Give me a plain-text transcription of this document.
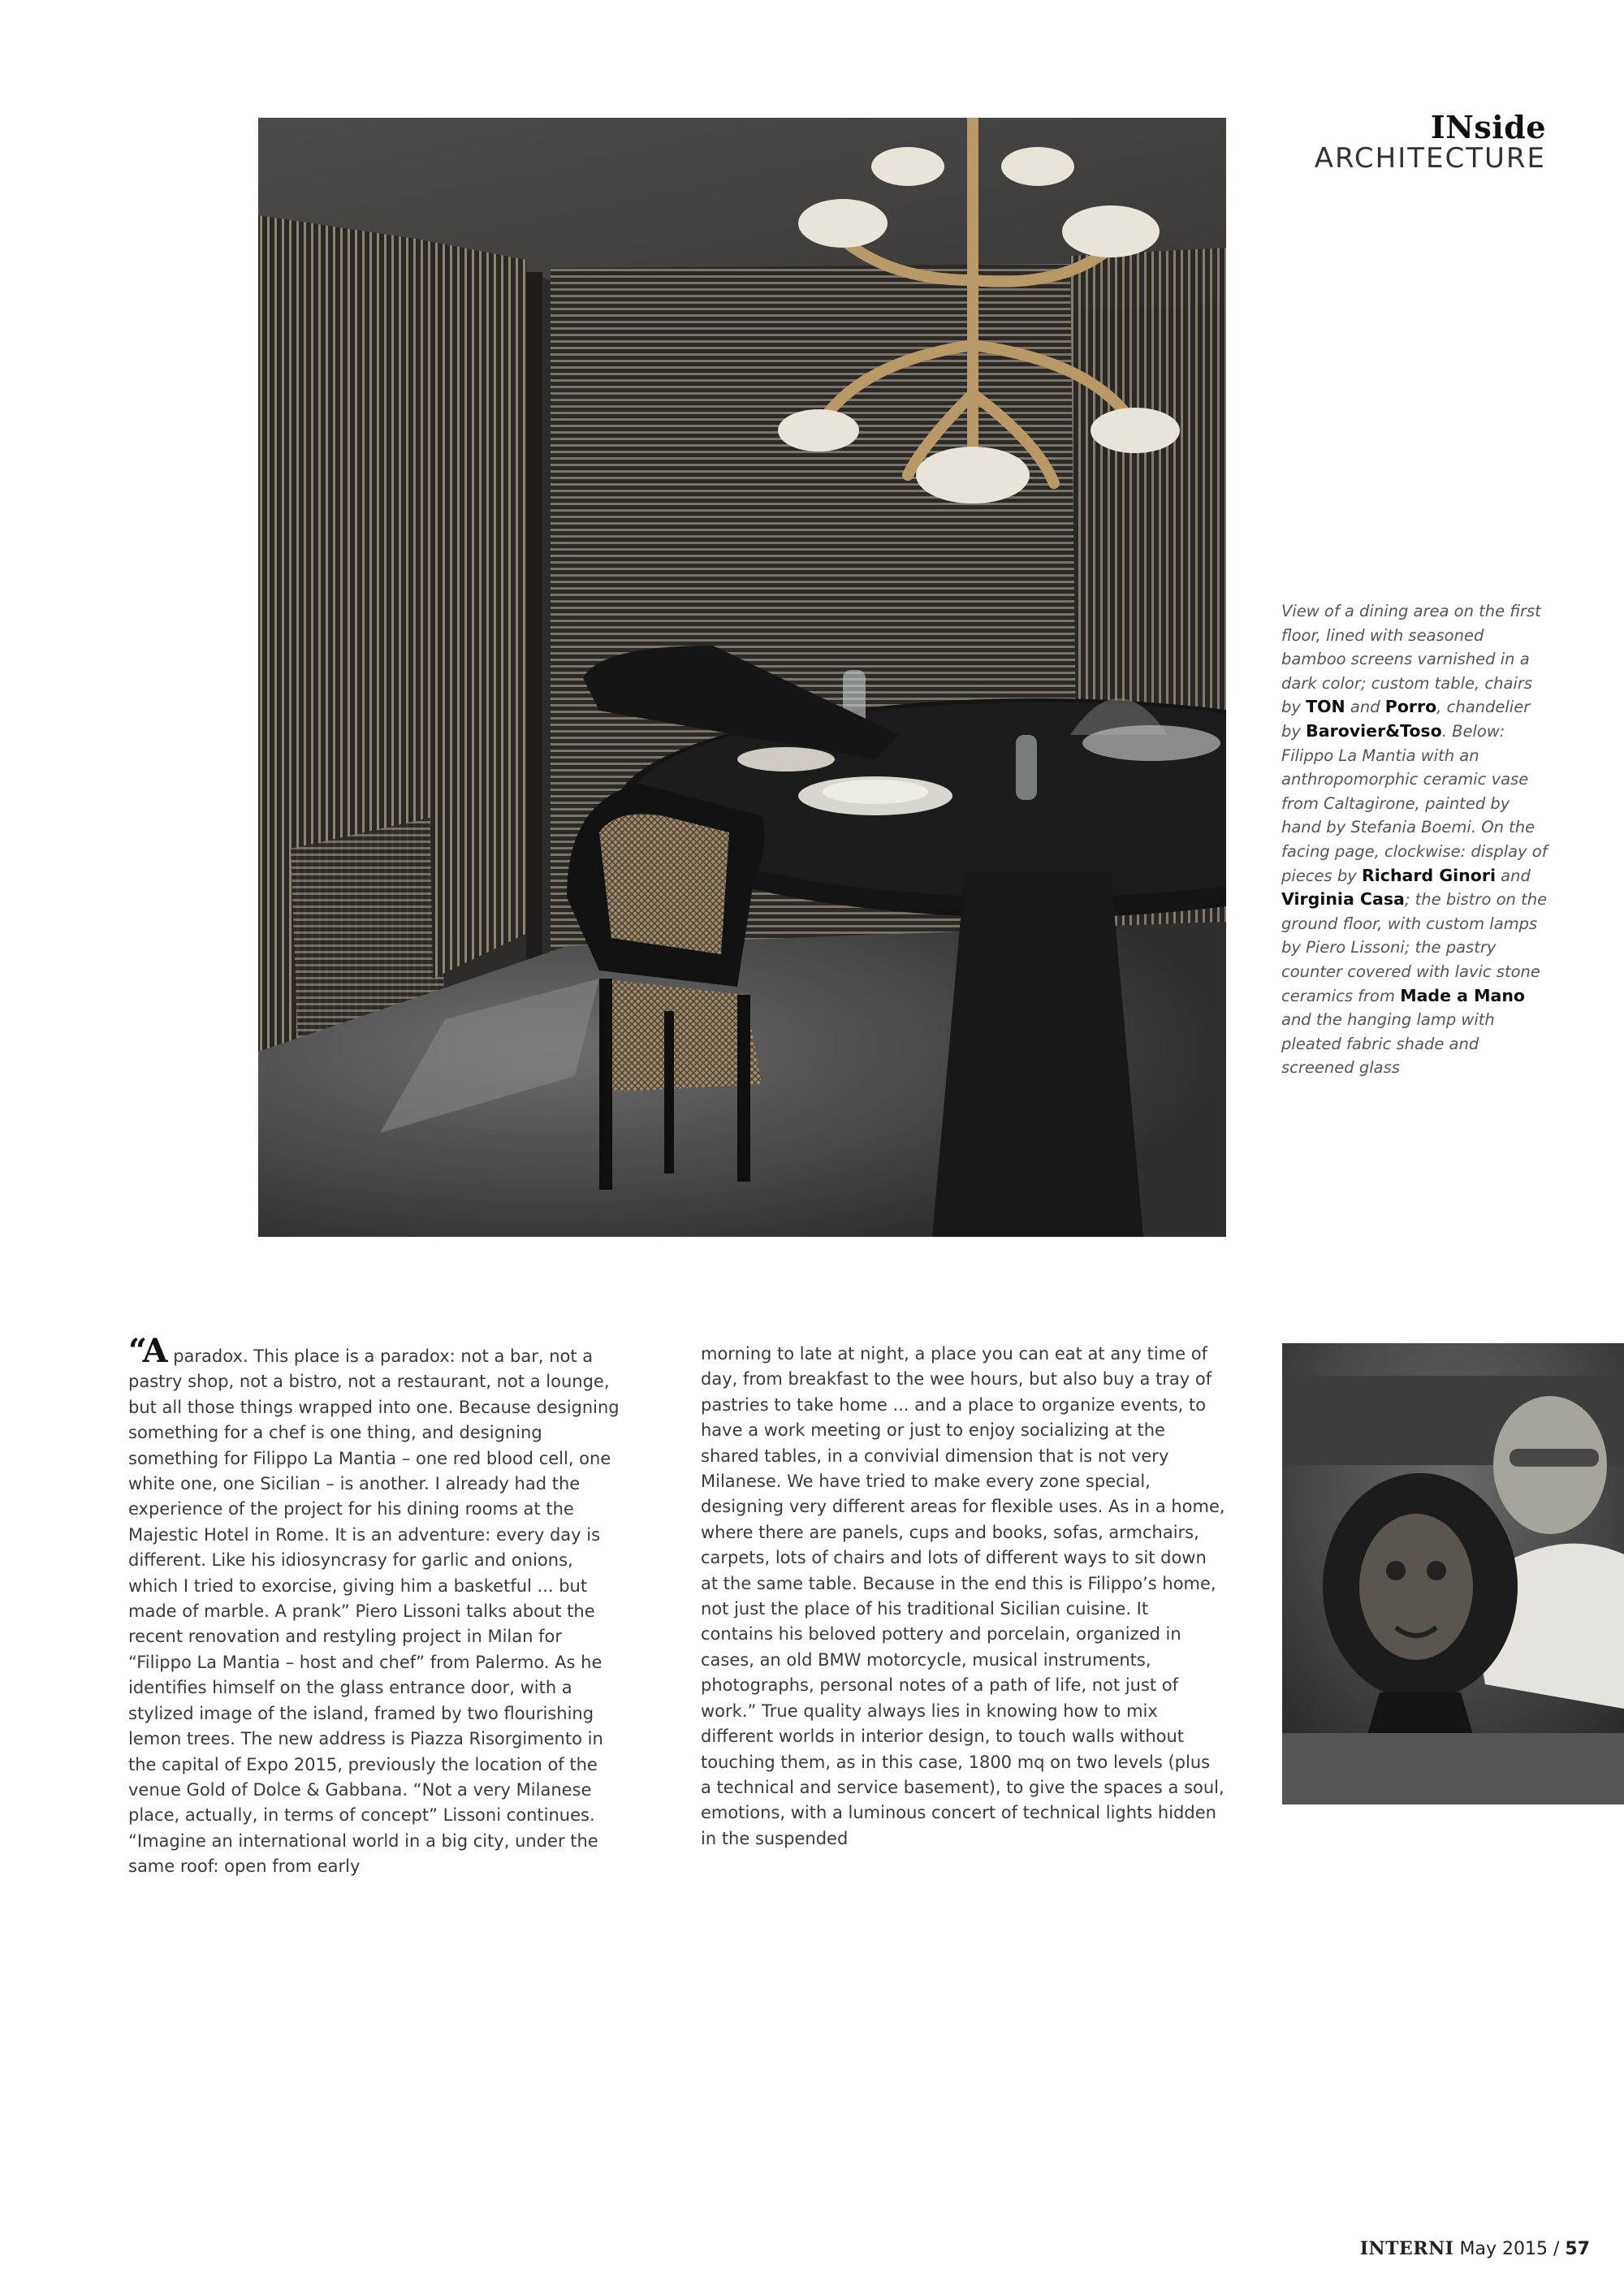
INside
ARCHITECTURE
View of a dining area on the first floor, lined with seasoned bamboo screens varnished in a dark color; custom table, chairs by TON and Porro, chandelier by Barovier&Toso. Below: Filippo La Mantia with an anthropomorphic ceramic vase from Caltagirone, painted by hand by Stefania Boemi. On the facing page, clockwise: display of pieces by Richard Ginori and Virginia Casa; the bistro on the ground floor, with custom lamps by Piero Lissoni; the pastry counter covered with lavic stone ceramics from Made a Mano and the hanging lamp with pleated fabric shade and screened glass

“A paradox. This place is a paradox: not a bar, not a pastry shop, not a bistro, not a restaurant, not a lounge, but all those things wrapped into one. Because designing something for a chef is one thing, and designing something for Filippo La Mantia – one red blood cell, one white one, one Sicilian – is another. I already had the experience of the project for his dining rooms at the Majestic Hotel in Rome. It is an adventure: every day is different. Like his idiosyncrasy for garlic and onions, which I tried to exorcise, giving him a basketful ... but made of marble. A prank” Piero Lissoni talks about the recent renovation and restyling project in Milan for “Filippo La Mantia – host and chef” from Palermo. As he identifies himself on the glass entrance door, with a stylized image of the island, framed by two flourishing lemon trees. The new address is Piazza Risorgimento in the capital of Expo 2015, previously the location of the venue Gold of Dolce & Gabbana. “Not a very Milanese place, actually, in terms of concept” Lissoni continues. “Imagine an international world in a big city, under the same roof: open from early

morning to late at night, a place you can eat at any time of day, from breakfast to the wee hours, but also buy a tray of pastries to take home ... and a place to organize events, to have a work meeting or just to enjoy socializing at the shared tables, in a convivial dimension that is not very Milanese. We have tried to make every zone special, designing very different areas for flexible uses. As in a home, where there are panels, cups and books, sofas, armchairs, carpets, lots of chairs and lots of different ways to sit down at the same table. Because in the end this is Filippo’s home, not just the place of his traditional Sicilian cuisine. It contains his beloved pottery and porcelain, organized in cases, an old BMW motorcycle, musical instruments, photographs, personal notes of a path of life, not just of work.” True quality always lies in knowing how to mix different worlds in interior design, to touch walls without touching them, as in this case, 1800 mq on two levels (plus a technical and service basement), to give the spaces a soul, emotions, with a luminous concert of technical lights hidden in the suspended

INTERNI May 2015 / 57
